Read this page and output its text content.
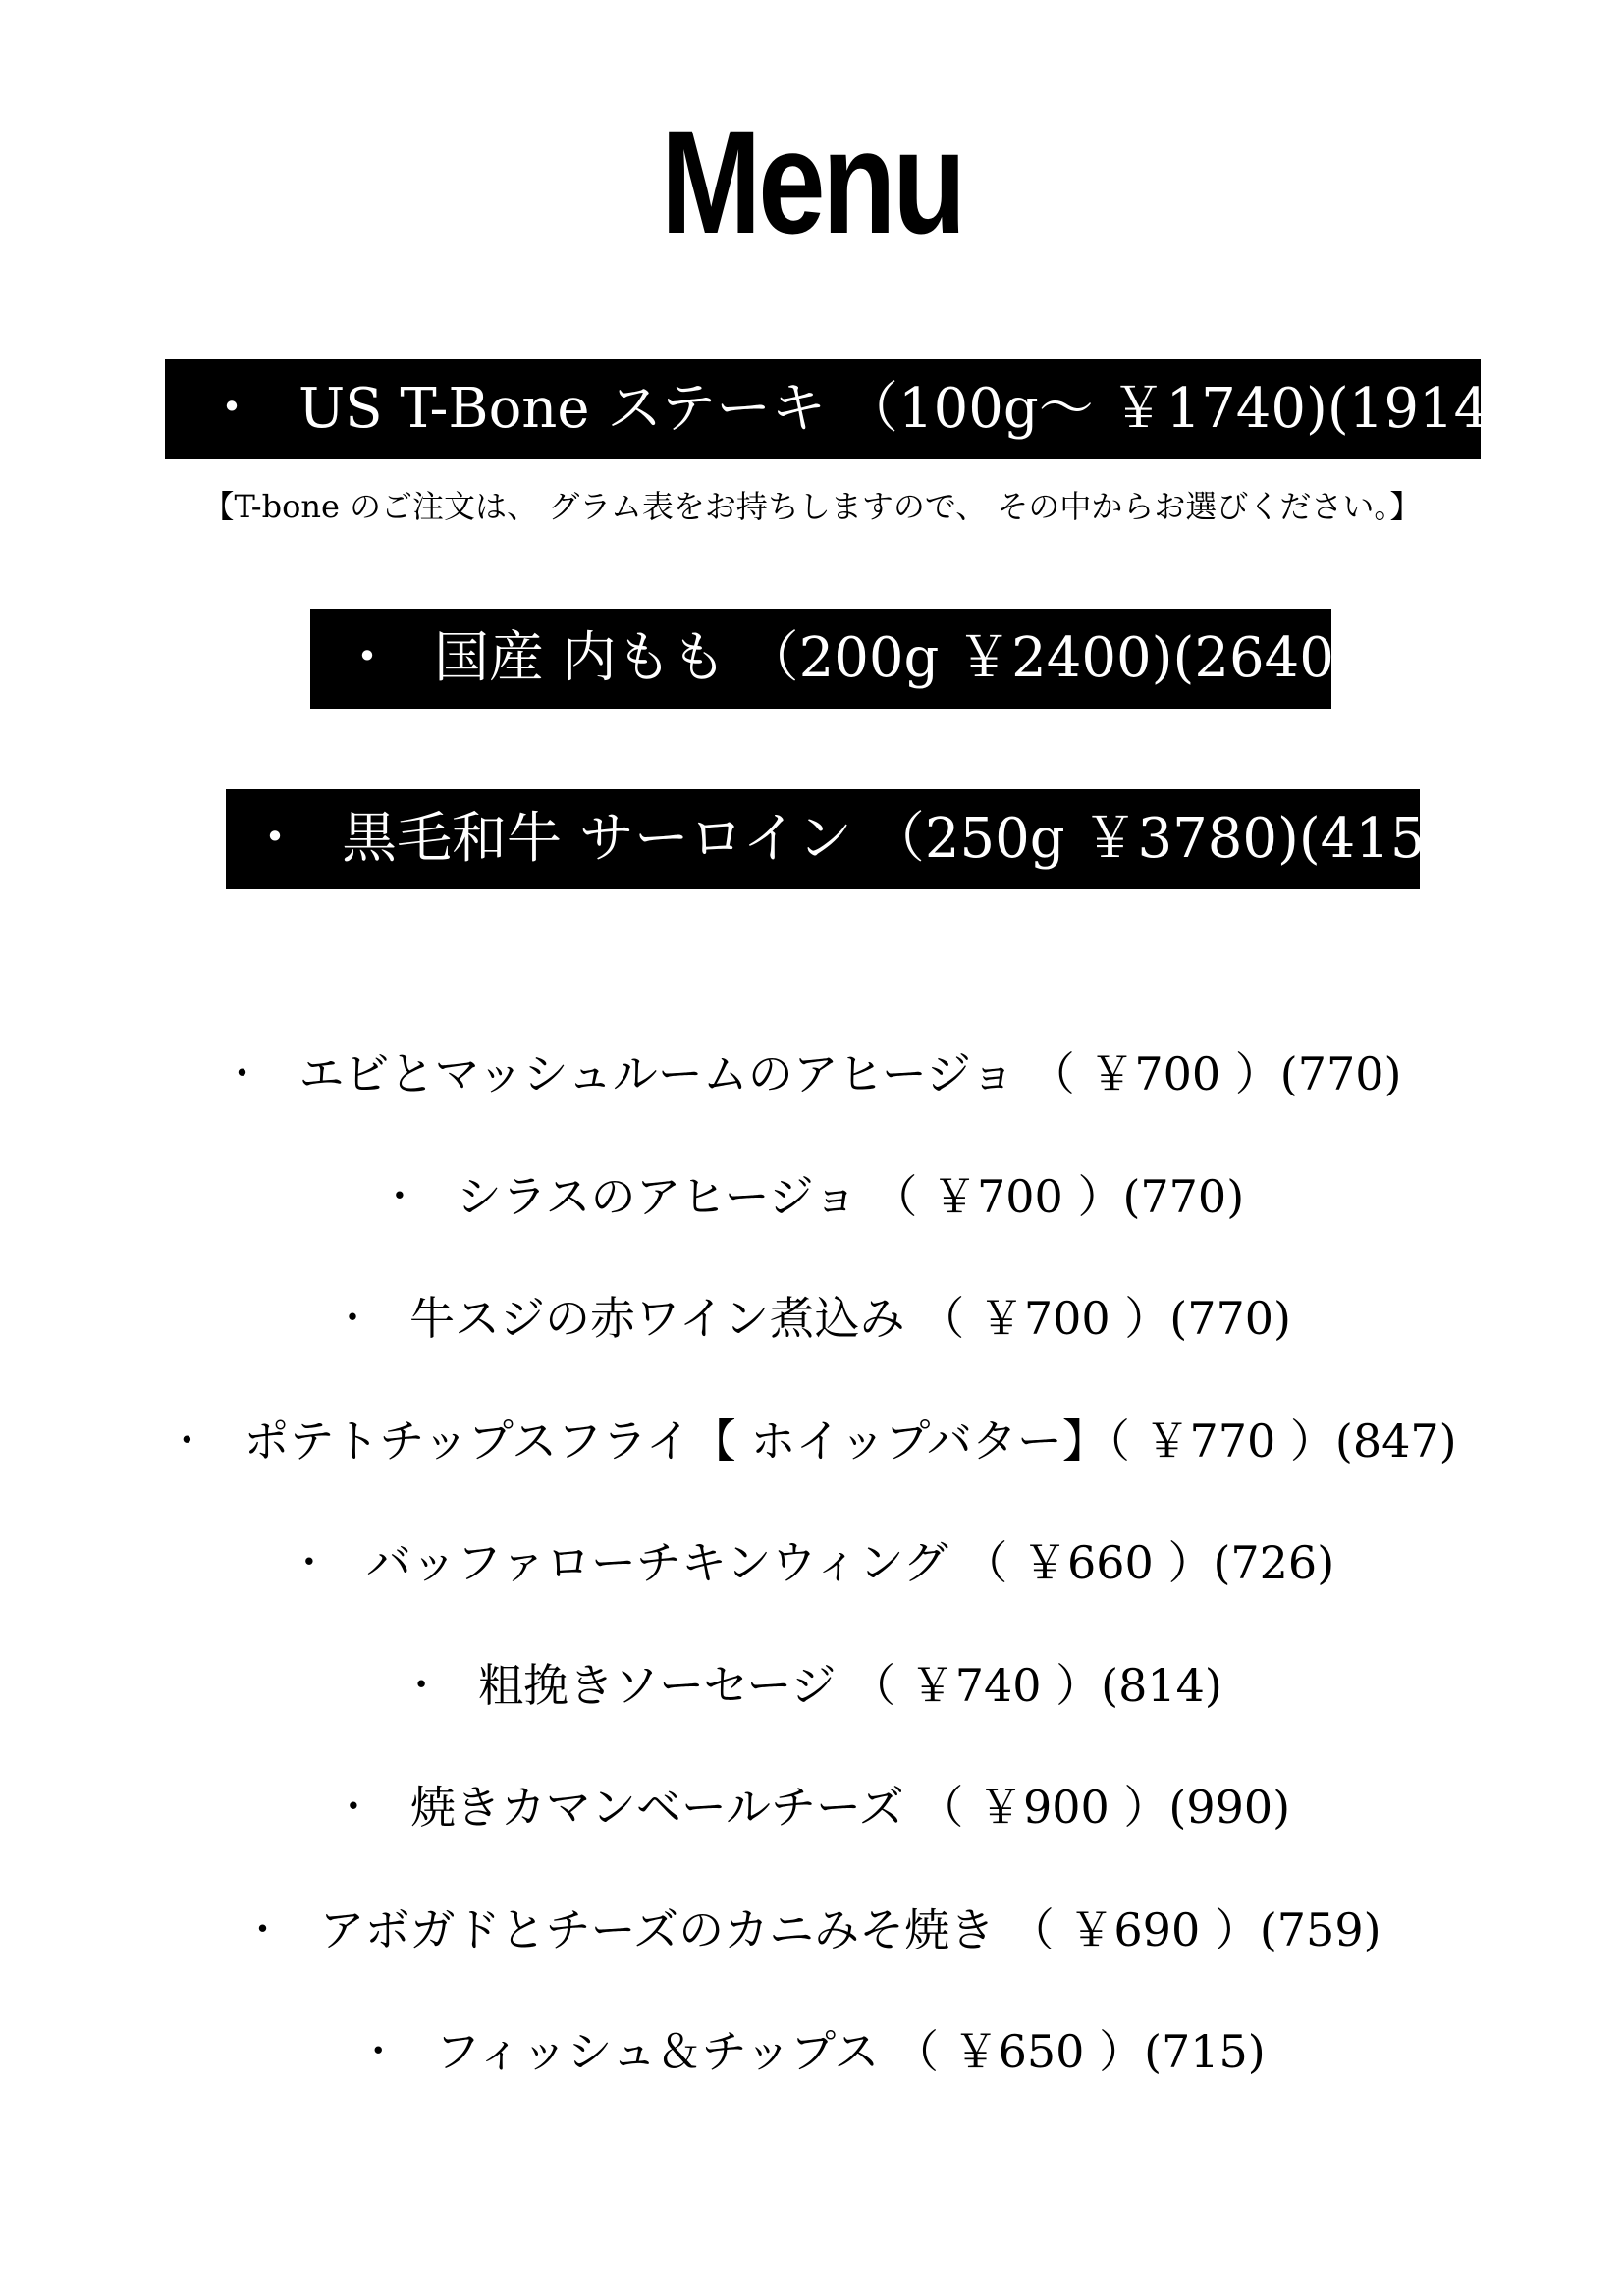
Menu
・ US T-Bone ステーキ （100g～ ￥1740)(1914)
【T-bone のご注文は、 グラム表をお持ちしますので、 その中からお選びください。】
・ 国産 内もも （200g ￥2400)(2640）
・ 黒毛和牛 サーロイン （250g ￥3780)(4158)
・ エビとマッシュルームのアヒージョ （ ￥700 ）(770)
・ シラスのアヒージョ （ ￥700 ）(770)
・ 牛スジの赤ワイン煮込み （ ￥700 ）(770)
・ ポテトチップスフライ【 ホイップバター】（ ￥770 ）(847)
・ バッファローチキンウィング （ ￥660 ）(726)
・ 粗挽きソーセージ （ ￥740 ）(814)
・ 焼きカマンベールチーズ （ ￥900 ）(990)
・ アボガドとチーズのカニみそ焼き （ ￥690 ）(759)
・ フィッシュ＆チップス （ ￥650 ）(715)
